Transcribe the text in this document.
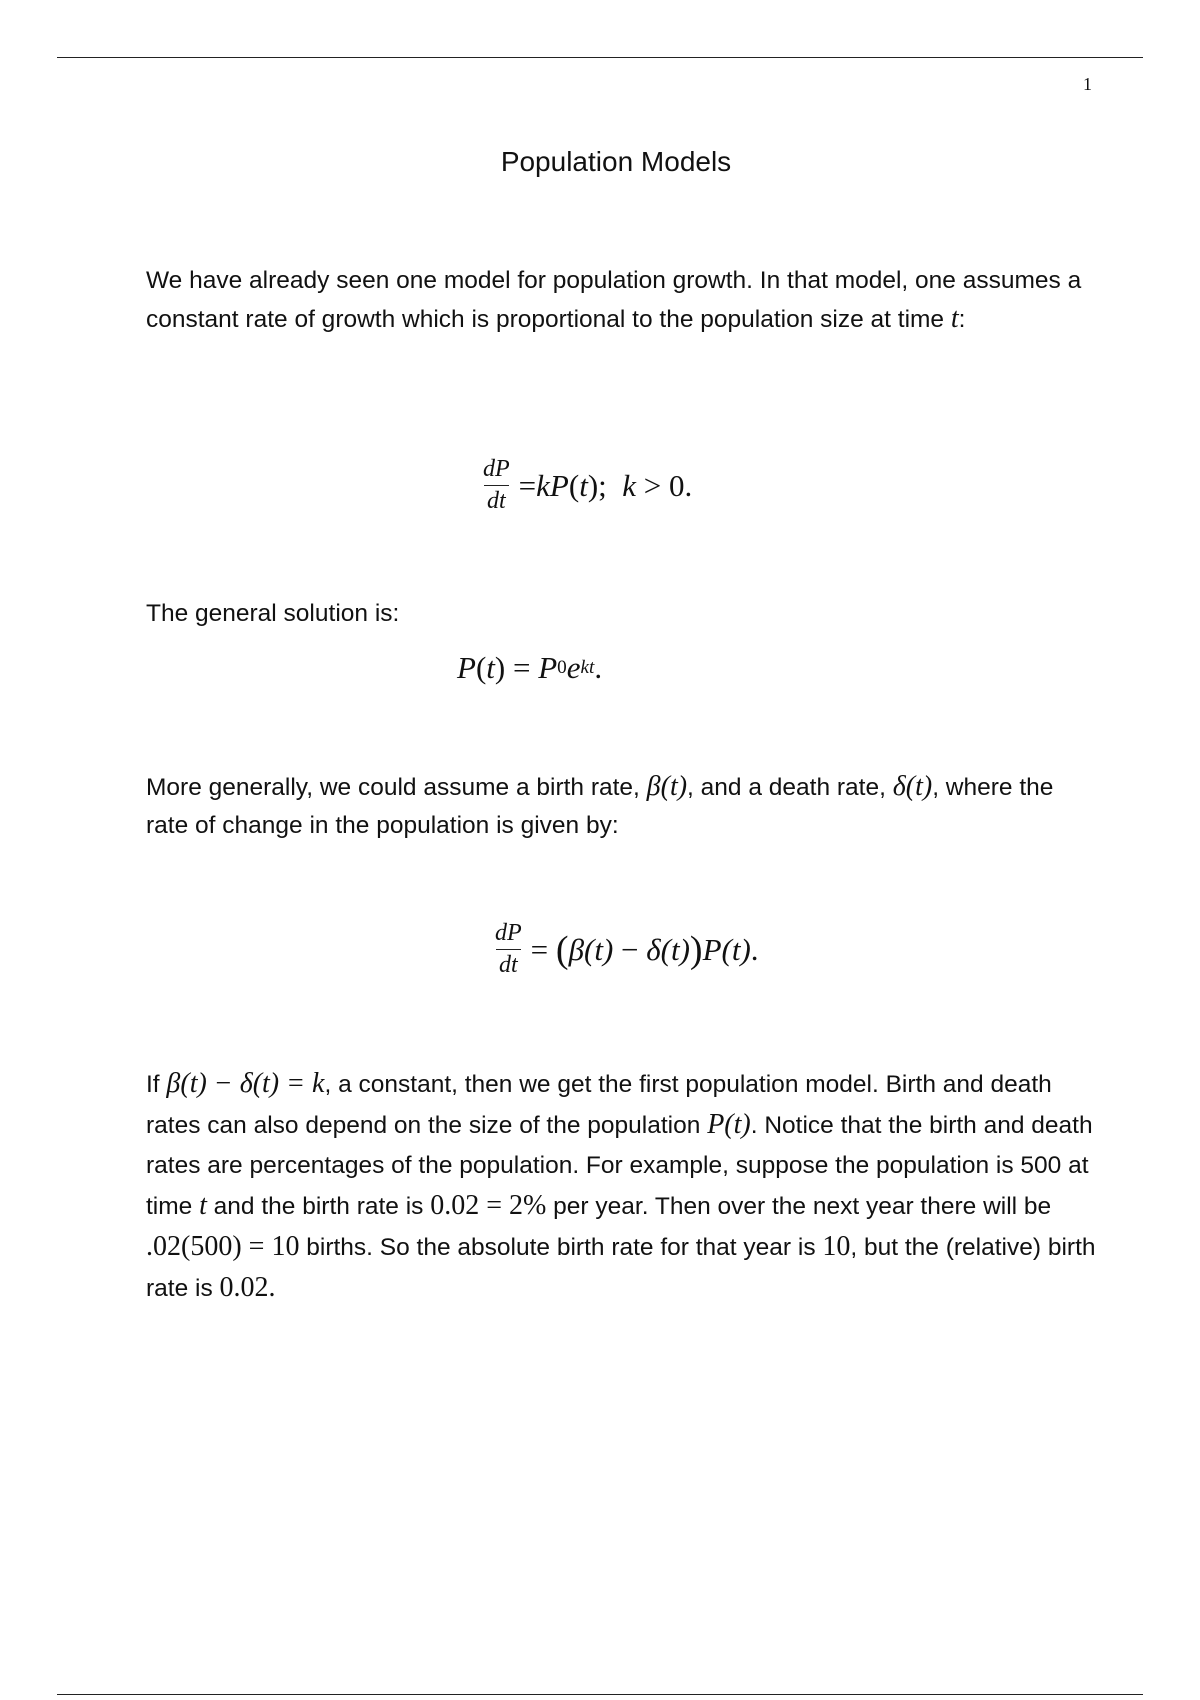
1
Population Models
We have already seen one model for population growth. In that model, one assumes a constant rate of growth which is proportional to the population size at time t:
$\frac{dP}{dt}$ = kP ( t );
k > 0.
The general solution is:
P ( t ) = P 0 e kt .
More generally, we could assume a birth rate, β(t), and a death rate, δ(t), where the rate of change in the population is given by:
$\frac{dP}{dt}$ = ( β(t) − δ(t) ) P(t) .
If β(t) − δ(t) = k, a constant, then we get the first population model. Birth and death rates can also depend on the size of the population P(t). Notice that the birth and death rates are percentages of the population. For example, suppose the population is 500 at time t and the birth rate is 0.02 = 2% per year. Then over the next year there will be .02(500) = 10 births. So the absolute birth rate for that year is 10, but the (relative) birth rate is 0.02.
